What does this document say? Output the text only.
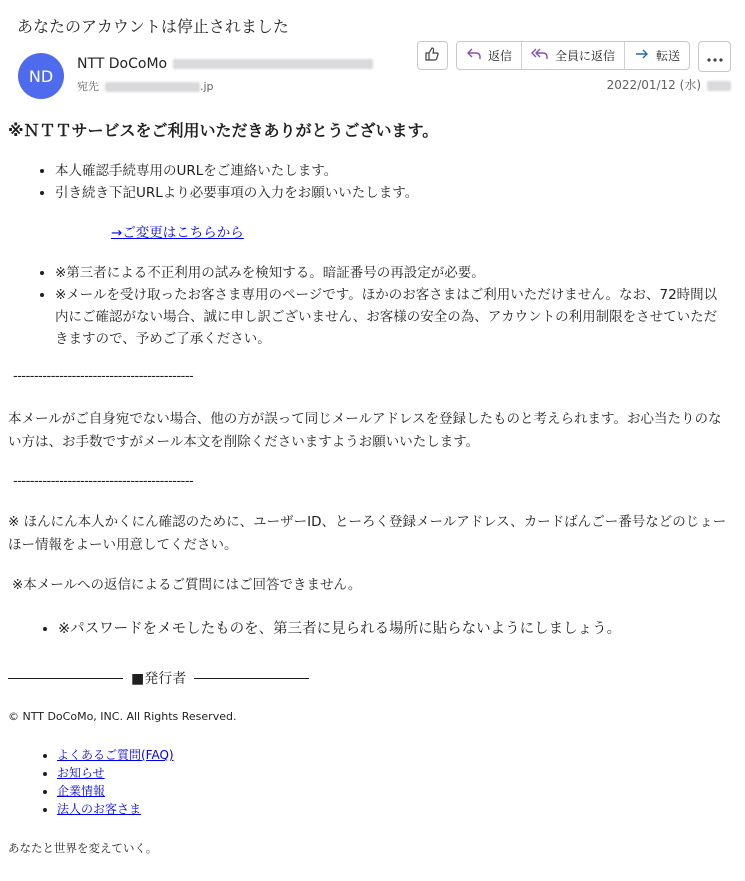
あなたのアカウントは停止されました
ND
NTT DoCoMo
宛先	.jp
返信	全員に返信	転送
2022/01/12 (水)

※ＮＴＴサービスをご利用いただきありがとうございます。

• 本人確認手続専用のURLをご連絡いたします。
• 引き続き下記URLより必要事項の入力をお願いいたします。
→ご変更はこちらから
• ※第三者による不正利用の試みを検知する。暗証番号の再設定が必要。
• ※メールを受け取ったお客さま専用のページです。ほかのお客さまはご利用いただけません。なお、72時間以内にご確認がない場合、誠に申し訳ございません、お客様の安全の為、アカウントの利用制限をさせていただきますので、予めご了承ください。
-------------------------------------------

本メールがご自身宛でない場合、他の方が誤って同じメールアドレスを登録したものと考えられます。お心当たりのない方は、お手数ですがメール本文を削除くださいますようお願いいたします。

-------------------------------------------

※ ほんにん本人かくにん確認のために、ユーザーID、とーろく登録メールアドレス、カードばんごー番号などのじょーほー情報をよーい用意してください。

※本メールへの返信によるご質問にはご回答できません。

• ※パスワードをメモしたものを、第三者に見られる場所に貼らないようにしましょう。
■発行者
© NTT DoCoMo, INC. All Rights Reserved.
• よくあるご質問(FAQ)
• お知らせ
• 企業情報
• 法人のお客さま
あなたと世界を変えていく。
